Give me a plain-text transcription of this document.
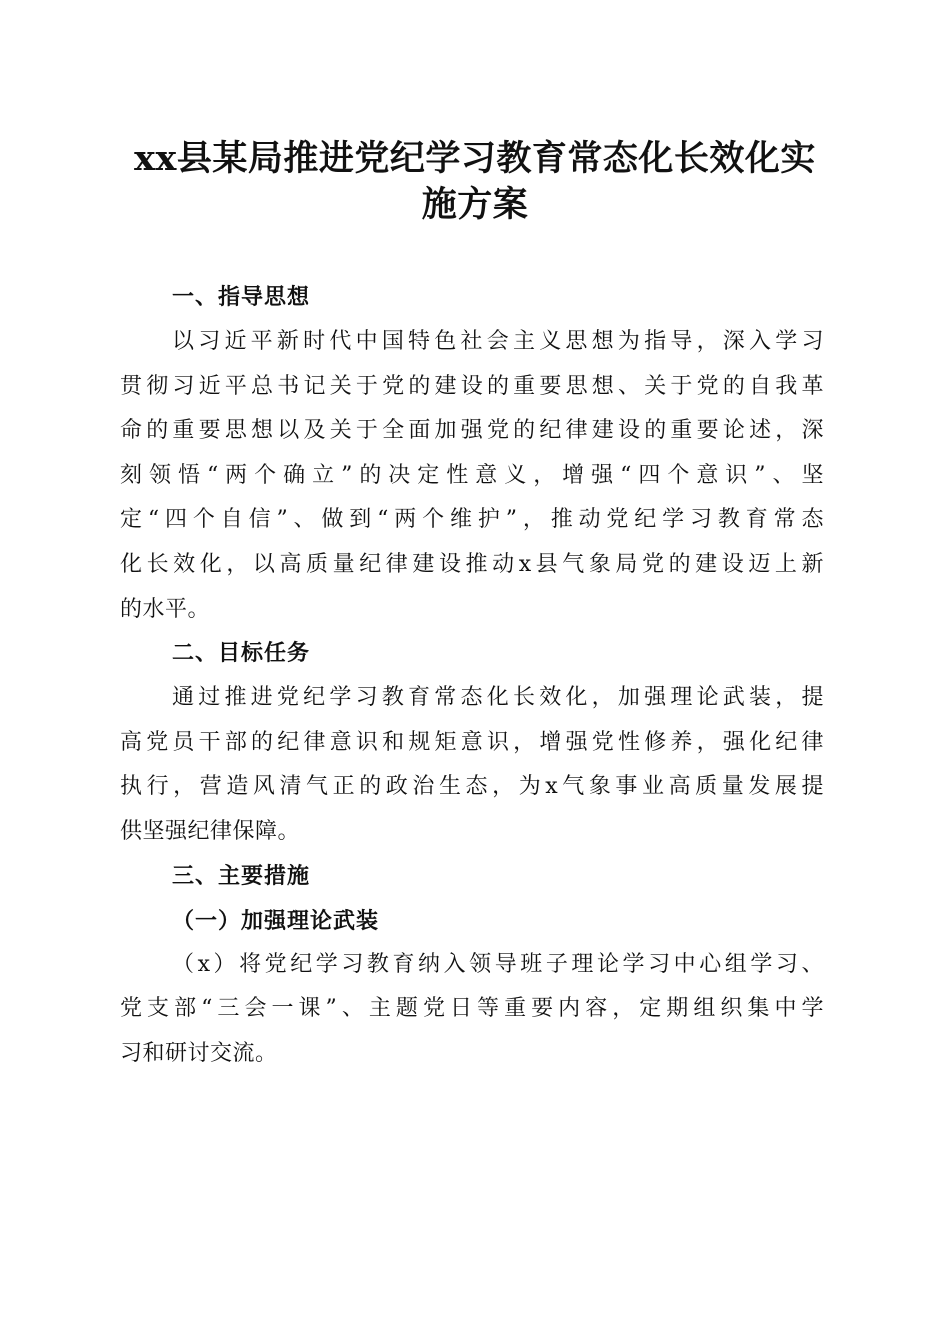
xx县某局推进党纪学习教育常态化长效化实
施方案
一、指导思想

以习近平新时代中国特色社会主义思想为指导，深入学习
贯彻习近平总书记关于党的建设的重要思想、关于党的自我革
命的重要思想以及关于全面加强党的纪律建设的重要论述，深
刻领悟“两个确立”的决定性意义，增强“四个意识”、坚
定“四个自信”、做到“两个维护”，推动党纪学习教育常态
化长效化，以高质量纪律建设推动x县气象局党的建设迈上新
的水平。

二、目标任务

通过推进党纪学习教育常态化长效化，加强理论武装，提
高党员干部的纪律意识和规矩意识，增强党性修养，强化纪律
执行，营造风清气正的政治生态，为x气象事业高质量发展提
供坚强纪律保障。

三、主要措施
（一）加强理论武装

（x）将党纪学习教育纳入领导班子理论学习中心组学习、
党支部“三会一课”、主题党日等重要内容，定期组织集中学
习和研讨交流。
